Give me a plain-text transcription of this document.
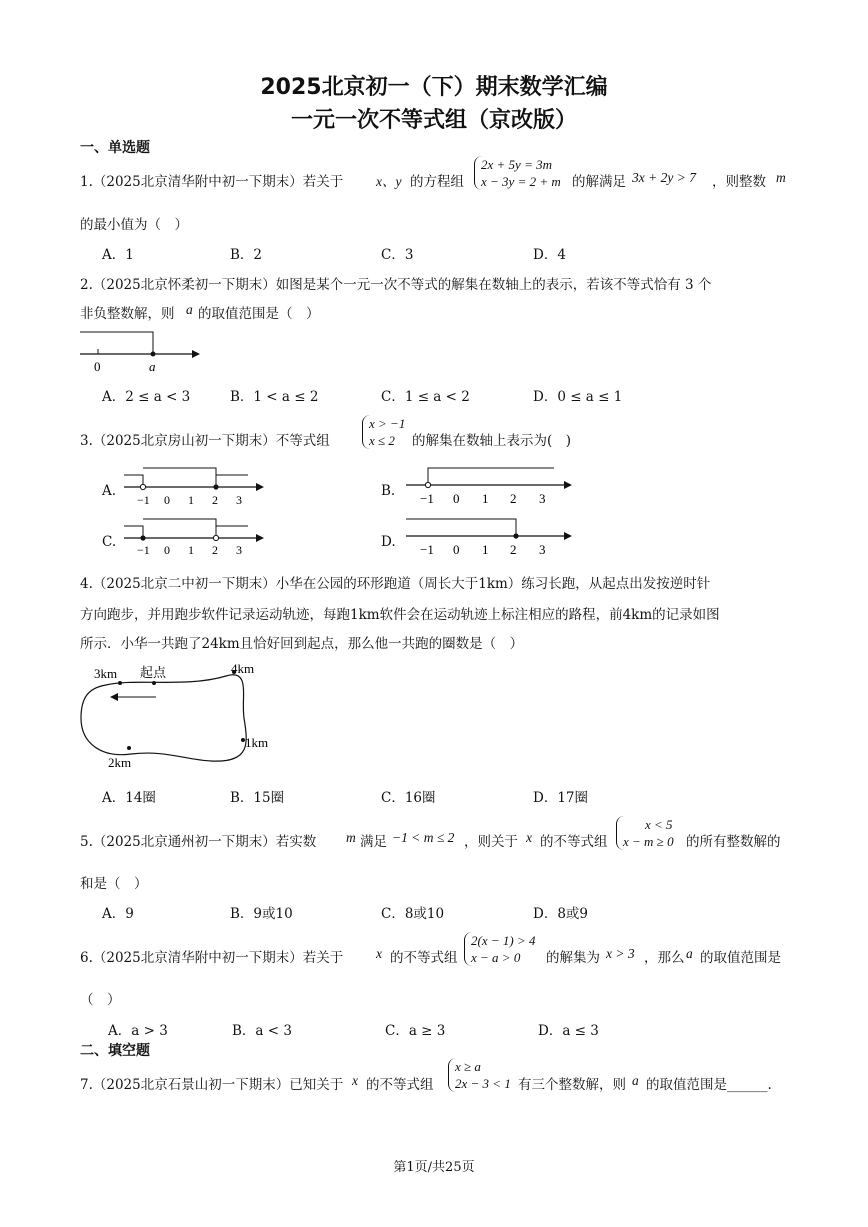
2025北京初一（下）期末数学汇编
一元一次不等式组（京改版）
一、单选题
1.（2025北京清华附中初一下期末）若关于 x、y 的方程组
2x + 5y = 3m
x − 3y = 2 + m 的解满足 3x + 2y > 7 ，则整数 m
的最小值为（　）
A．1	B．2	C．3	D．4
2.（2025北京怀柔初一下期末）如图是某个一元一次不等式的解集在数轴上的表示，若该不等式恰有 3 个
非负整数解，则 a 的取值范围是（　）
0	a
A．2 ≤ a < 3	B．1 < a ≤ 2	C．1 ≤ a < 2	D．0 ≤ a ≤ 1
3.（2025北京房山初一下期末）不等式组
x > −1
x ≤ 2	的解集在数轴上表示为(　)
A.
−1 0 1 2 3
B. −1 0 1 2 3
C. −1 0 1 2 3	D. −1 0 1 2 3
4.（2025北京二中初一下期末）小华在公园的环形跑道（周长大于1km）练习长跑，从起点出发按逆时针
方向跑步，并用跑步软件记录运动轨迹，每跑1km软件会在运动轨迹上标注相应的路程，前4km的记录如图
所示．小华一共跑了24km且恰好回到起点，那么他一共跑的圈数是（　）
3km 起点	4km
1km
2km
A．14圈	B．15圈	C．16圈	D．17圈
5.（2025北京通州初一下期末）若实数 m 满足 −1 < m ≤ 2 ，则关于 x 的不等式组
x < 5
x − m ≥ 0 的所有整数解的
和是（　）
A．9	B．9或10	C．8或10	D．8或9
6.（2025北京清华附中初一下期末）若关于 x 的不等式组
2(x − 1) > 4
x − a > 0	的解集为 x > 3 ，那么 a 的取值范围是
（　）
A．a > 3	B．a < 3	C．a ≥ 3	D．a ≤ 3
二、填空题
7.（2025北京石景山初一下期末）已知关于 x 的不等式组
x ≥ a
2x − 3 < 1 有三个整数解，则 a 的取值范围是______.
第1页/共25页
